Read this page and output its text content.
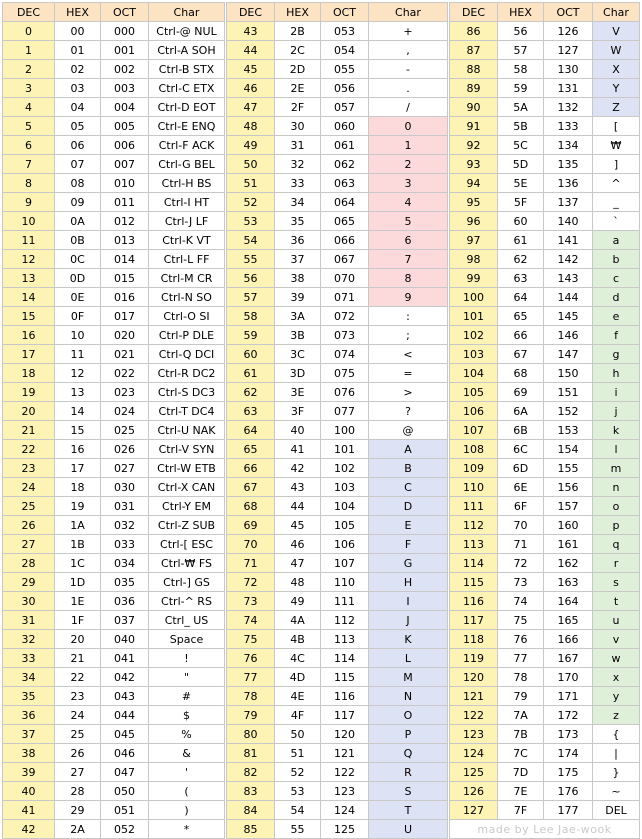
DEC	HEX	OCT	Char
0	00	000	Ctrl-@ NUL
1	01	001	Ctrl-A SOH
2	02	002	Ctrl-B STX
3	03	003	Ctrl-C ETX
4	04	004	Ctrl-D EOT
5	05	005	Ctrl-E ENQ
6	06	006	Ctrl-F ACK
7	07	007	Ctrl-G BEL
8	08	010	Ctrl-H BS
9	09	011	Ctrl-I HT
10	0A	012	Ctrl-J LF
11	0B	013	Ctrl-K VT
12	0C	014	Ctrl-L FF
13	0D	015	Ctrl-M CR
14	0E	016	Ctrl-N SO
15	0F	017	Ctrl-O SI
16	10	020	Ctrl-P DLE
17	11	021	Ctrl-Q DCI
18	12	022	Ctrl-R DC2
19	13	023	Ctrl-S DC3
20	14	024	Ctrl-T DC4
21	15	025	Ctrl-U NAK
22	16	026	Ctrl-V SYN
23	17	027	Ctrl-W ETB
24	18	030	Ctrl-X CAN
25	19	031	Ctrl-Y EM
26	1A	032	Ctrl-Z SUB
27	1B	033	Ctrl-[ ESC
28	1C	034	Ctrl-₩ FS
29	1D	035	Ctrl-] GS
30	1E	036	Ctrl-^ RS
31	1F	037	Ctrl_ US
32	20	040	Space
33	21	041	!
34	22	042	"
35	23	043	#
36	24	044	$
37	25	045	%
38	26	046	&
39	27	047	'
40	28	050	(
41	29	051	)
42	2A	052	*
DEC	HEX	OCT	Char
43	2B	053	+
44	2C	054	,
45	2D	055	-
46	2E	056	.
47	2F	057	/
48	30	060	0
49	31	061	1
50	32	062	2
51	33	063	3
52	34	064	4
53	35	065	5
54	36	066	6
55	37	067	7
56	38	070	8
57	39	071	9
58	3A	072	:
59	3B	073	;
60	3C	074	<
61	3D	075	=
62	3E	076	>
63	3F	077	?
64	40	100	@
65	41	101	A
66	42	102	B
67	43	103	C
68	44	104	D
69	45	105	E
70	46	106	F
71	47	107	G
72	48	110	H
73	49	111	I
74	4A	112	J
75	4B	113	K
76	4C	114	L
77	4D	115	M
78	4E	116	N
79	4F	117	O
80	50	120	P
81	51	121	Q
82	52	122	R
83	53	123	S
84	54	124	T
85	55	125	U
DEC	HEX	OCT	Char
86	56	126	V
87	57	127	W
88	58	130	X
89	59	131	Y
90	5A	132	Z
91	5B	133	[
92	5C	134	₩
93	5D	135	]
94	5E	136	^
95	5F	137	_
96	60	140	`
97	61	141	a
98	62	142	b
99	63	143	c
100	64	144	d
101	65	145	e
102	66	146	f
103	67	147	g
104	68	150	h
105	69	151	i
106	6A	152	j
107	6B	153	k
108	6C	154	l
109	6D	155	m
110	6E	156	n
111	6F	157	o
112	70	160	p
113	71	161	q
114	72	162	r
115	73	163	s
116	74	164	t
117	75	165	u
118	76	166	v
119	77	167	w
120	78	170	x
121	79	171	y
122	7A	172	z
123	7B	173	{
124	7C	174	|
125	7D	175	}
126	7E	176	~
127	7F	177	DEL
made by Lee Jae-wook			
